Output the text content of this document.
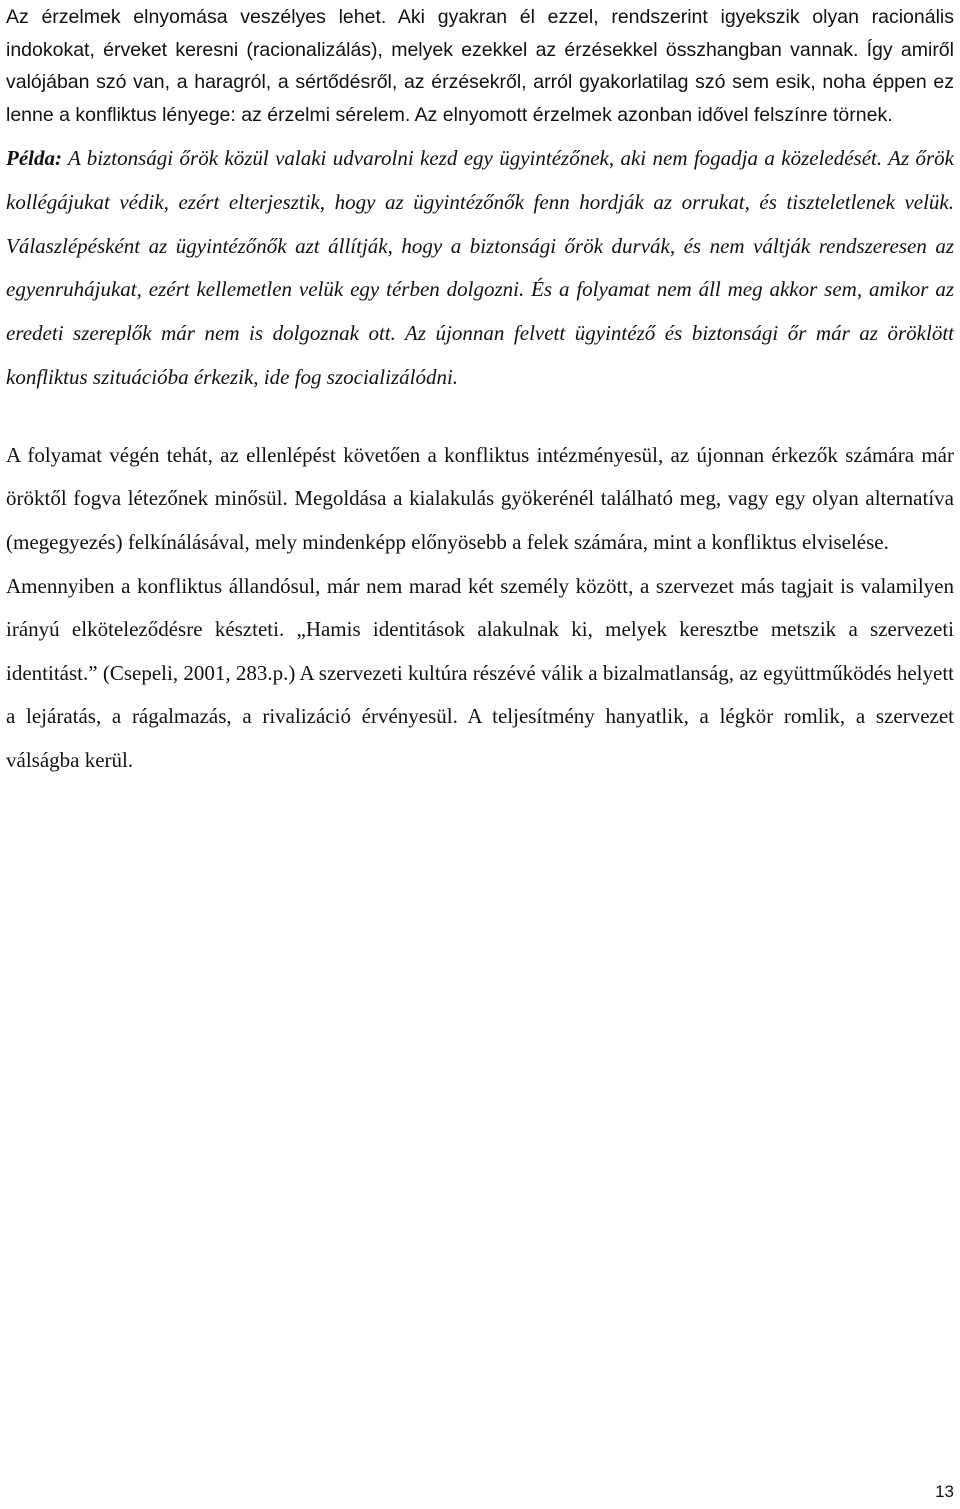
Az érzelmek elnyomása veszélyes lehet. Aki gyakran él ezzel, rendszerint igyekszik olyan racionális indokokat, érveket keresni (racionalizálás), melyek ezekkel az érzésekkel összhangban vannak. Így amiről valójában szó van, a haragról, a sértődésről, az érzésekről, arról gyakorlatilag szó sem esik, noha éppen ez lenne a konfliktus lényege: az érzelmi sérelem. Az elnyomott érzelmek azonban idővel felszínre törnek.

Példa: A biztonsági őrök közül valaki udvarolni kezd egy ügyintézőnek, aki nem fogadja a közeledését. Az őrök kollégájukat védik, ezért elterjesztik, hogy az ügyintézőnők fenn hordják az orrukat, és tiszteletlenek velük. Válaszlépésként az ügyintézőnők azt állítják, hogy a biztonsági őrök durvák, és nem váltják rendszeresen az egyenruhájukat, ezért kellemetlen velük egy térben dolgozni. És a folyamat nem áll meg akkor sem, amikor az eredeti szereplők már nem is dolgoznak ott. Az újonnan felvett ügyintéző és biztonsági őr már az öröklött konfliktus szituációba érkezik, ide fog szocializálódni.

A folyamat végén tehát, az ellenlépést követően a konfliktus intézményesül, az újonnan érkezők számára már öröktől fogva létezőnek minősül. Megoldása a kialakulás gyökerénél található meg, vagy egy olyan alternatíva (megegyezés) felkínálásával, mely mindenképp előnyösebb a felek számára, mint a konfliktus elviselése.

Amennyiben a konfliktus állandósul, már nem marad két személy között, a szervezet más tagjait is valamilyen irányú elköteleződésre készteti. „Hamis identitások alakulnak ki, melyek keresztbe metszik a szervezeti identitást.” (Csepeli, 2001, 283.p.) A szervezeti kultúra részévé válik a bizalmatlanság, az együttműködés helyett a lejáratás, a rágalmazás, a rivalizáció érvényesül. A teljesítmény hanyatlik, a légkör romlik, a szervezet válságba kerül.

13
